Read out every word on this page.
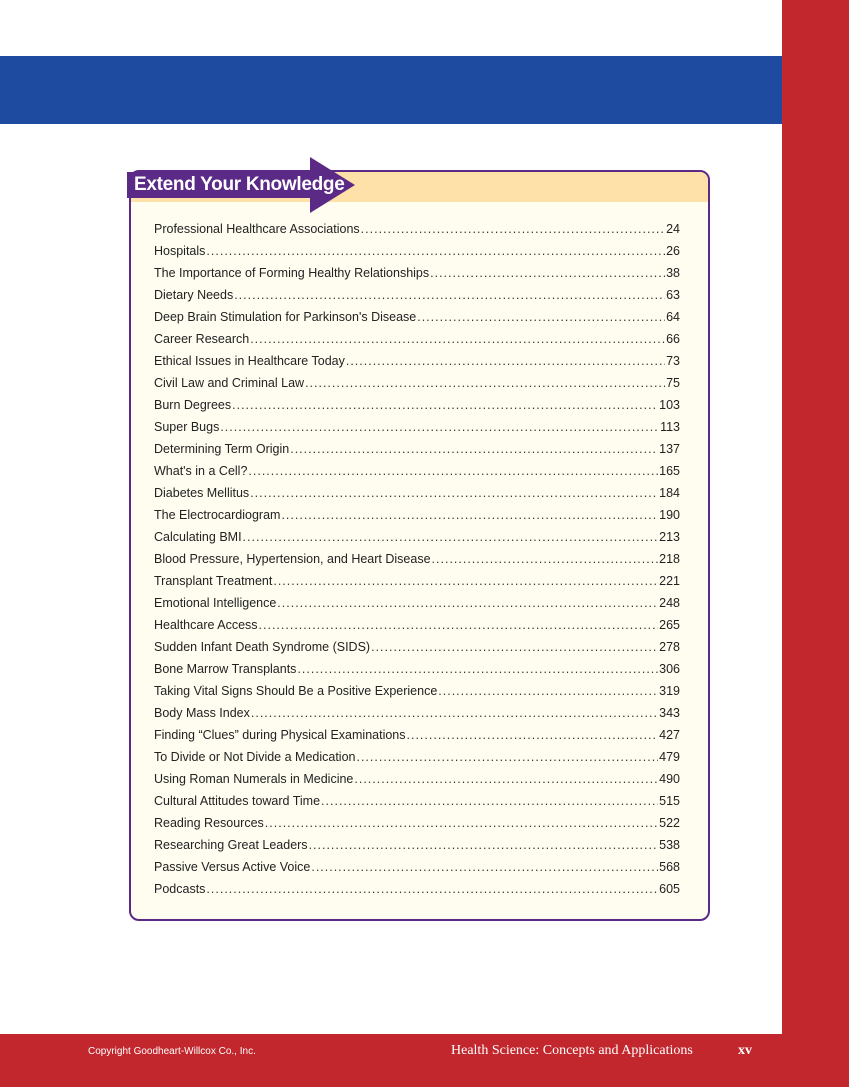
Extend Your Knowledge
Professional Healthcare Associations .....	24
Hospitals .....	26
The Importance of Forming Healthy Relationships .....	38
Dietary Needs .....	63
Deep Brain Stimulation for Parkinson's Disease .....	64
Career Research .....	66
Ethical Issues in Healthcare Today .....	73
Civil Law and Criminal Law .....	75
Burn Degrees .....	103
Super Bugs .....	113
Determining Term Origin .....	137
What's in a Cell? .....	165
Diabetes Mellitus .....	184
The Electrocardiogram .....	190
Calculating BMI .....	213
Blood Pressure, Hypertension, and Heart Disease .....	218
Transplant Treatment .....	221
Emotional Intelligence .....	248
Healthcare Access .....	265
Sudden Infant Death Syndrome (SIDS) .....	278
Bone Marrow Transplants .....	306
Taking Vital Signs Should Be a Positive Experience .....	319
Body Mass Index .....	343
Finding “Clues” during Physical Examinations .....	427
To Divide or Not Divide a Medication .....	479
Using Roman Numerals in Medicine .....	490
Cultural Attitudes toward Time .....	515
Reading Resources .....	522
Researching Great Leaders .....	538
Passive Versus Active Voice .....	568
Podcasts .....	605
Copyright Goodheart-Willcox Co., Inc.	Health Science: Concepts and Applications	xv
